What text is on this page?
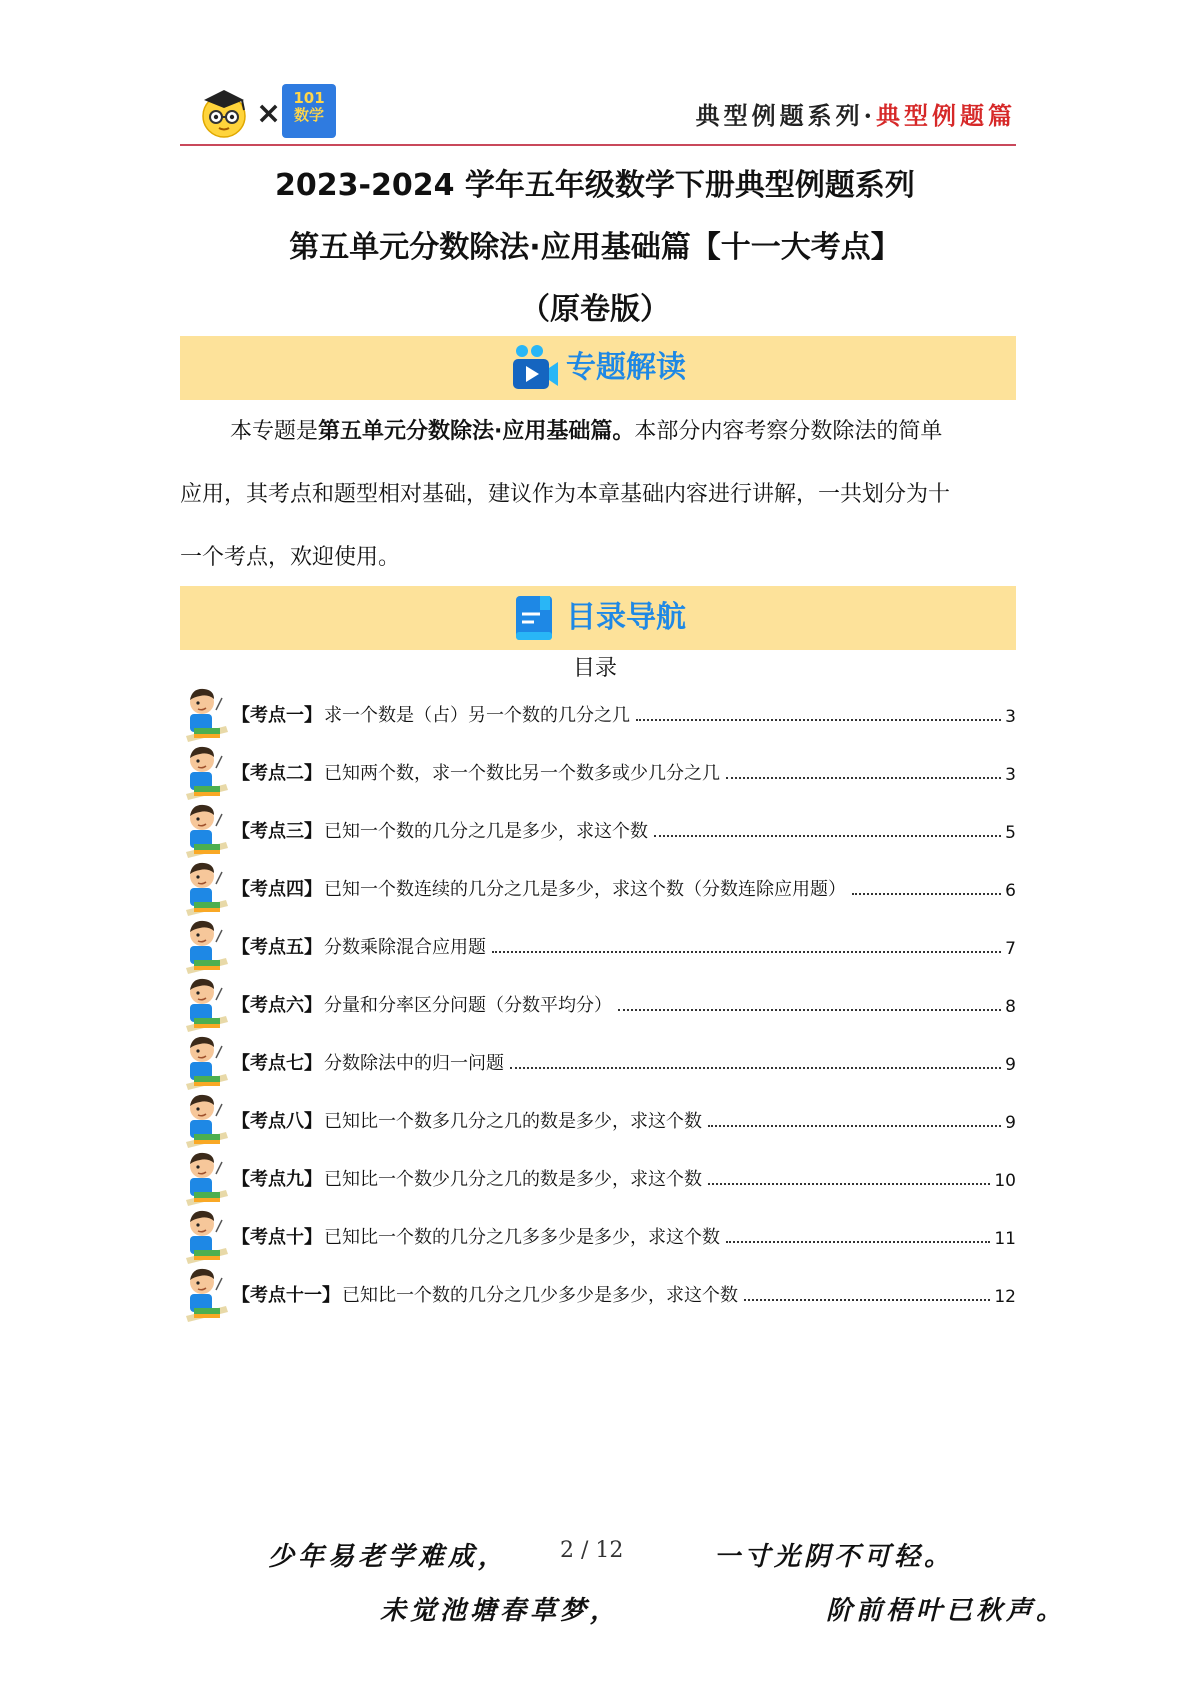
× 101
数学	典型例题系列·典型例题篇
2023-2024 学年五年级数学下册典型例题系列
第五单元分数除法·应用基础篇【十一大考点】
（原卷版）
专题解读
本专题是第五单元分数除法·应用基础篇。本部分内容考察分数除法的简单
应用，其考点和题型相对基础，建议作为本章基础内容进行讲解，一共划分为十
一个考点，欢迎使用。
目录导航
目录
【考点一】 求一个数是（占）另一个数的几分之几	3
【考点二】 已知两个数，求一个数比另一个数多或少几分之几	3
【考点三】 已知一个数的几分之几是多少，求这个数	5
【考点四】 已知一个数连续的几分之几是多少，求这个数（分数连除应用题）	6
【考点五】 分数乘除混合应用题	7
【考点六】 分量和分率区分问题（分数平均分）	8
【考点七】 分数除法中的归一问题	9
【考点八】 已知比一个数多几分之几的数是多少，求这个数	9
【考点九】 已知比一个数少几分之几的数是多少，求这个数	10
【考点十】 已知比一个数的几分之几多多少是多少，求这个数	11
【考点十一】 已知比一个数的几分之几少多少是多少，求这个数	12
少年易老学难成， 2 / 12	一寸光阴不可轻。
未觉池塘春草梦，	阶前梧叶已秋声。
